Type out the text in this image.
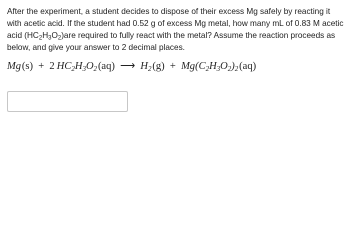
After the experiment, a student decides to dispose of their excess Mg safely by reacting it with acetic acid. If the student had 0.52 g of excess Mg metal, how many mL of 0.83 M acetic acid $(HC_2H_3O_2)are$ required to fully react with the metal? Assume the reaction proceeds as below, and give your answer to 2 decimal places.

Mg (s) + 2  $HC_2H_3O_2$ (aq) ⟶ $H_2$ $(g) + Mg(C_2H_3O_2)_2$ (aq)
